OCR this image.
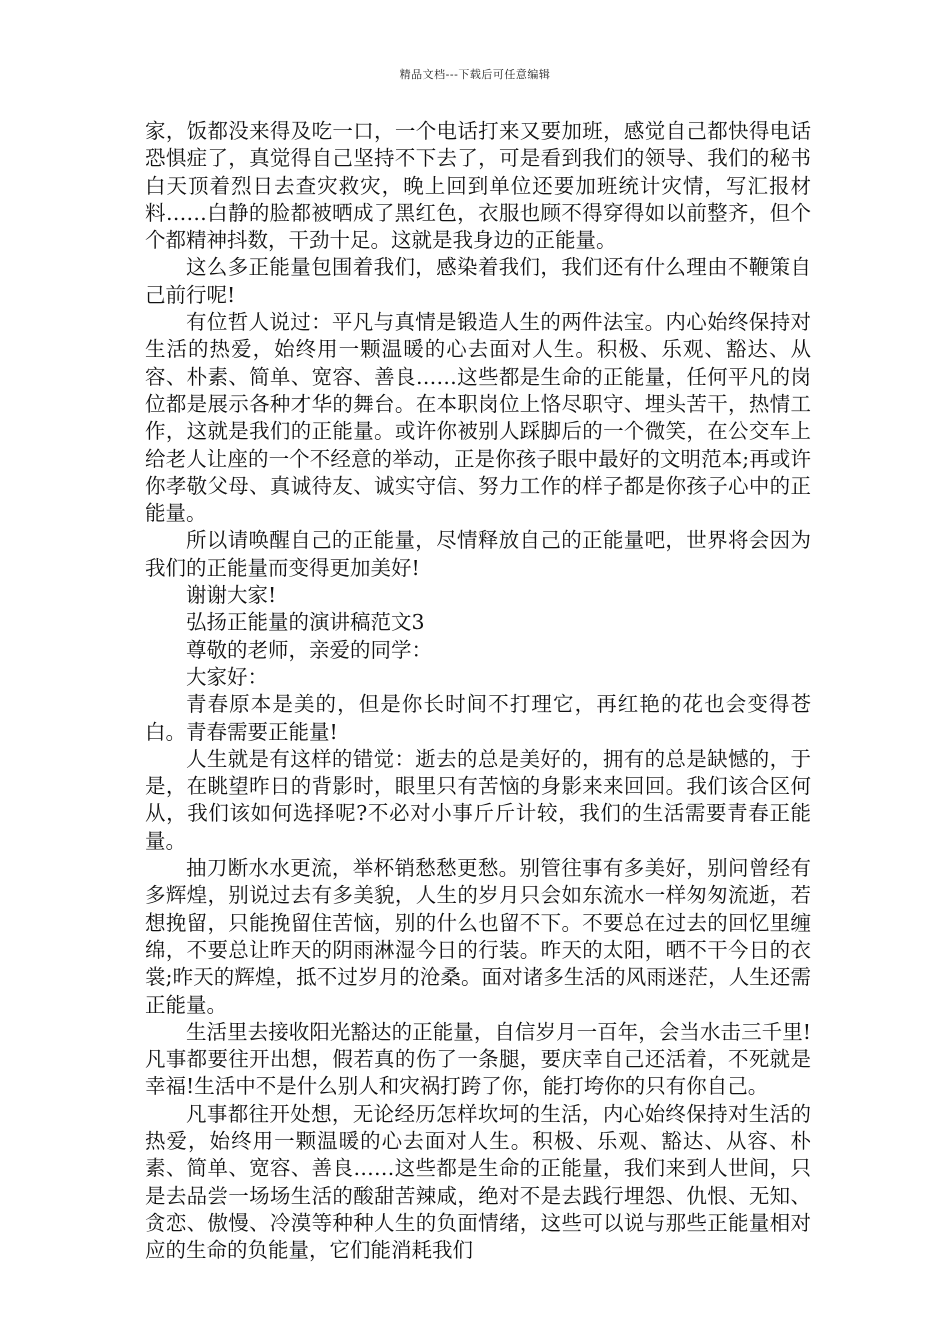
精品文档---下载后可任意编辑

家，饭都没来得及吃一口，一个电话打来又要加班，感觉自己都快得电话恐惧症了，真觉得自己坚持不下去了，可是看到我们的领导、我们的秘书白天顶着烈日去查灾救灾，晚上回到单位还要加班统计灾情，写汇报材料……白静的脸都被晒成了黑红色，衣服也顾不得穿得如以前整齐，但个个都精神抖数，干劲十足。这就是我身边的正能量。

这么多正能量包围着我们，感染着我们，我们还有什么理由不鞭策自己前行呢!

有位哲人说过：平凡与真情是锻造人生的两件法宝。内心始终保持对生活的热爱，始终用一颗温暖的心去面对人生。积极、乐观、豁达、从容、朴素、简单、宽容、善良……这些都是生命的正能量，任何平凡的岗位都是展示各种才华的舞台。在本职岗位上恪尽职守、埋头苦干，热情工作，这就是我们的正能量。或许你被别人踩脚后的一个微笑，在公交车上给老人让座的一个不经意的举动，正是你孩子眼中最好的文明范本;再或许你孝敬父母、真诚待友、诚实守信、努力工作的样子都是你孩子心中的正能量。

所以请唤醒自己的正能量，尽情释放自己的正能量吧，世界将会因为我们的正能量而变得更加美好!

谢谢大家!

弘扬正能量的演讲稿范文3

尊敬的老师，亲爱的同学：

大家好：

青春原本是美的，但是你长时间不打理它，再红艳的花也会变得苍白。青春需要正能量!

人生就是有这样的错觉：逝去的总是美好的，拥有的总是缺憾的，于是，在眺望昨日的背影时，眼里只有苦恼的身影来来回回。我们该合区何从，我们该如何选择呢?不必对小事斤斤计较，我们的生活需要青春正能量。

抽刀断水水更流，举杯销愁愁更愁。别管往事有多美好，别问曾经有多辉煌，别说过去有多美貌，人生的岁月只会如东流水一样匆匆流逝，若想挽留，只能挽留住苦恼，别的什么也留不下。不要总在过去的回忆里缠绵，不要总让昨天的阴雨淋湿今日的行装。昨天的太阳，晒不干今日的衣裳;昨天的辉煌，抵不过岁月的沧桑。面对诸多生活的风雨迷茫，人生还需正能量。

生活里去接收阳光豁达的正能量，自信岁月一百年，会当水击三千里!凡事都要往开出想，假若真的伤了一条腿，要庆幸自己还活着，不死就是幸福!生活中不是什么别人和灾祸打跨了你，能打垮你的只有你自己。

凡事都往开处想，无论经历怎样坎坷的生活，内心始终保持对生活的热爱，始终用一颗温暖的心去面对人生。积极、乐观、豁达、从容、朴素、简单、宽容、善良……这些都是生命的正能量，我们来到人世间，只是去品尝一场场生活的酸甜苦辣咸，绝对不是去践行埋怨、仇恨、无知、贪恋、傲慢、冷漠等种种人生的负面情绪，这些可以说与那些正能量相对应的生命的负能量，它们能消耗我们
